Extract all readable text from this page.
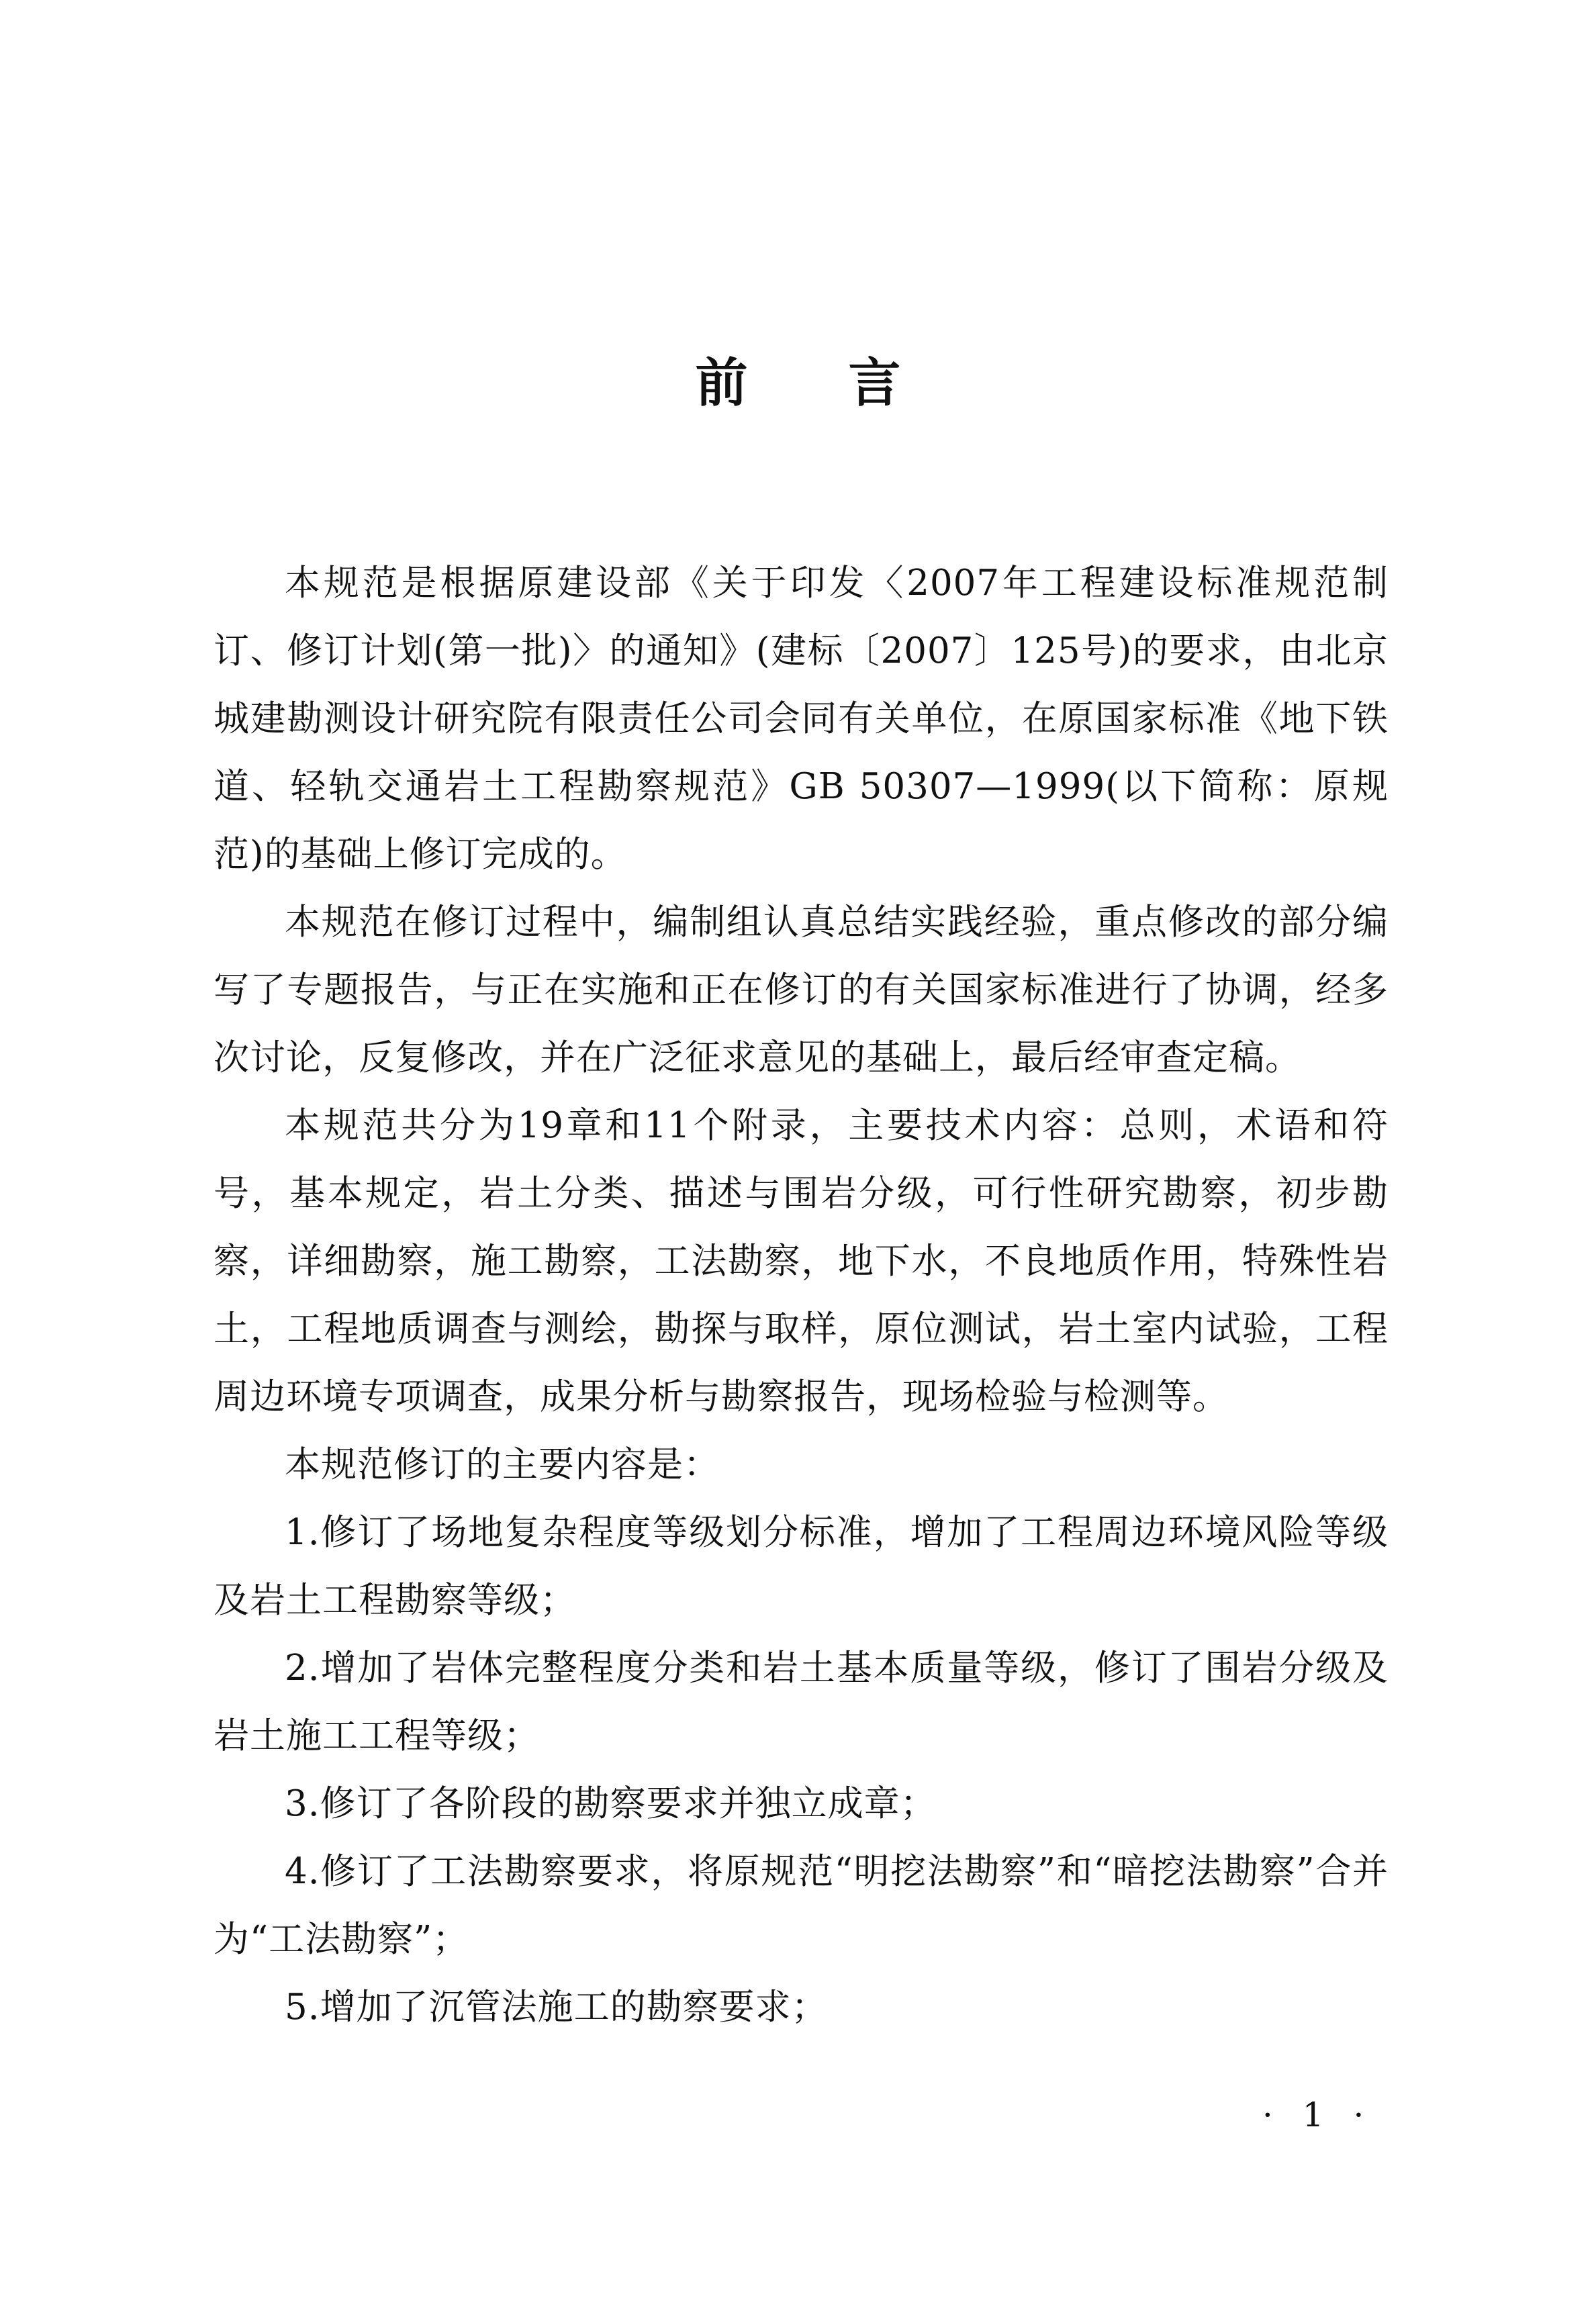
前言

本规范是根据原建设部《关于印发〈2007年工程建设标准规范制订、修订计划(第一批)〉的通知》(建标〔2007〕125号)的要求，由北京城建勘测设计研究院有限责任公司会同有关单位，在原国家标准《地下铁道、轻轨交通岩土工程勘察规范》GB 50307—1999(以下简称：原规范)的基础上修订完成的。

本规范在修订过程中，编制组认真总结实践经验，重点修改的部分编写了专题报告，与正在实施和正在修订的有关国家标准进行了协调，经多次讨论，反复修改，并在广泛征求意见的基础上，最后经审查定稿。

本规范共分为19章和11个附录，主要技术内容：总则，术语和符号，基本规定，岩土分类、描述与围岩分级，可行性研究勘察，初步勘察，详细勘察，施工勘察，工法勘察，地下水，不良地质作用，特殊性岩土，工程地质调查与测绘，勘探与取样，原位测试，岩土室内试验，工程周边环境专项调查，成果分析与勘察报告，现场检验与检测等。

本规范修订的主要内容是：

1.修订了场地复杂程度等级划分标准，增加了工程周边环境风险等级及岩土工程勘察等级；

2.增加了岩体完整程度分类和岩土基本质量等级，修订了围岩分级及岩土施工工程等级；

3.修订了各阶段的勘察要求并独立成章；

4.修订了工法勘察要求，将原规范“明挖法勘察”和“暗挖法勘察”合并为“工法勘察”；

5.增加了沉管法施工的勘察要求；

· 1 ·
